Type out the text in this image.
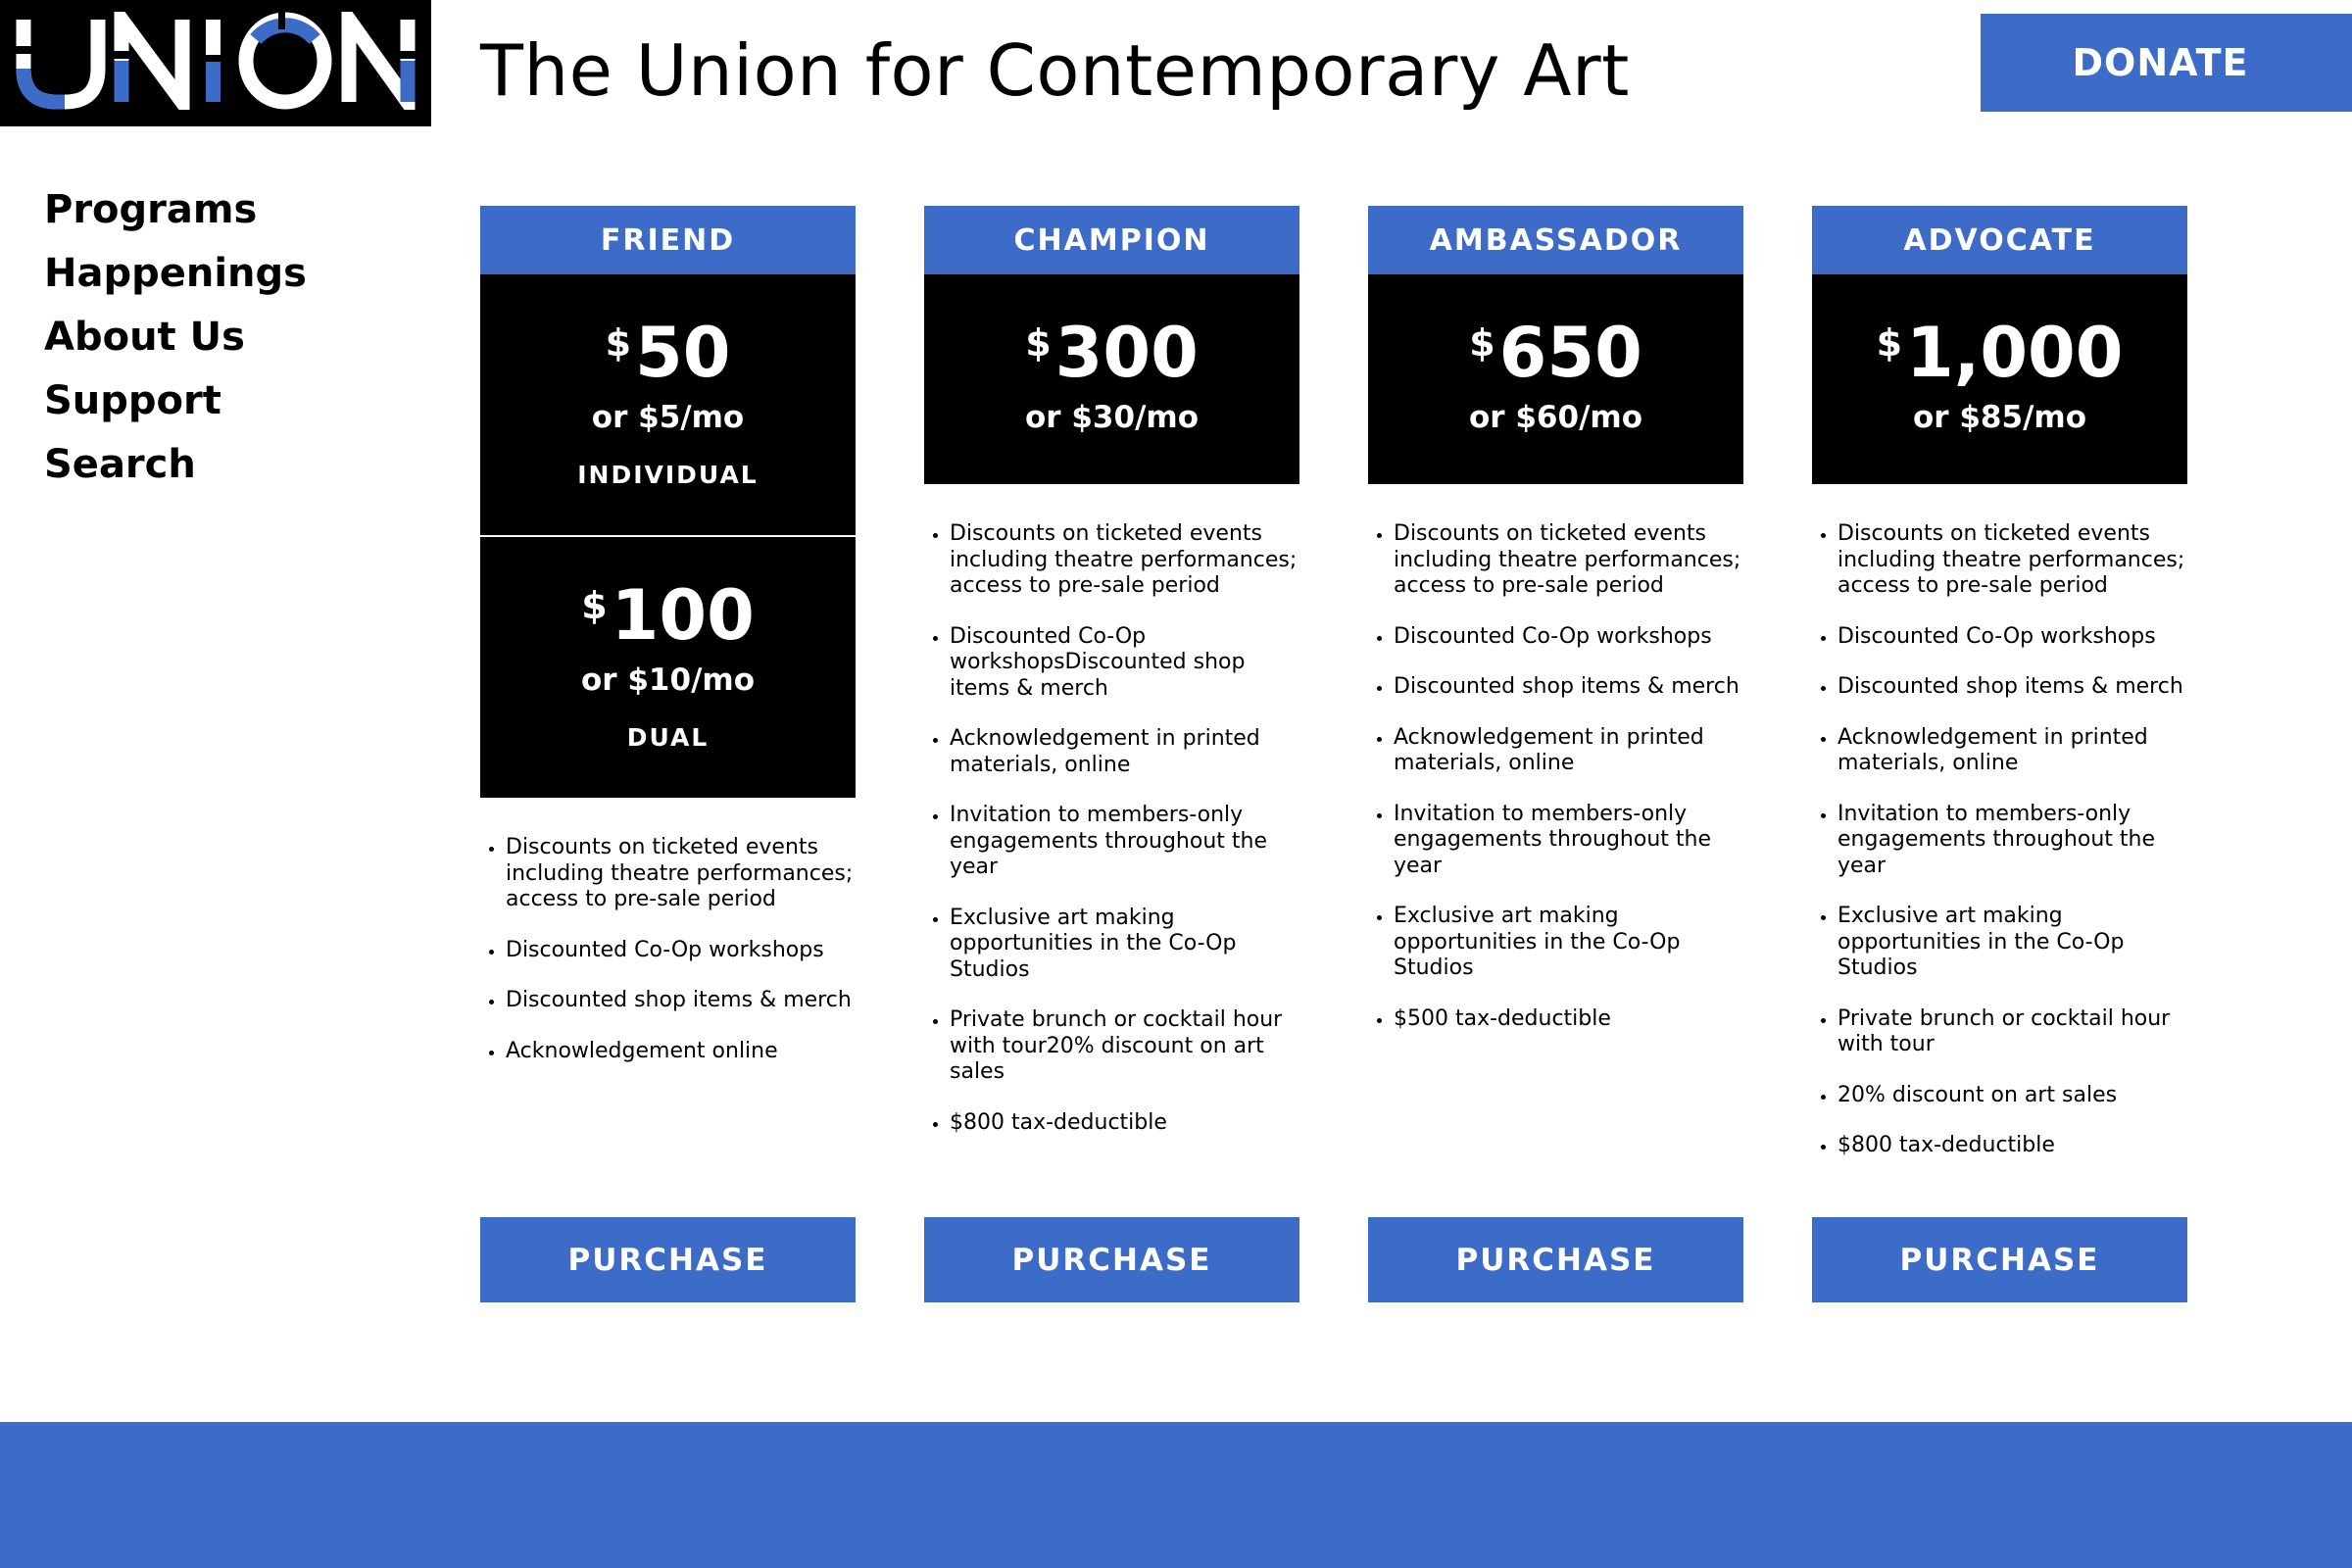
The Union for Contemporary Art	DONATE
Programs
Happenings
About Us
Support
Search
FRIEND
$50
or $5/mo
INDIVIDUAL
$100
or $10/mo
DUAL
• Discounts on ticketed events including theatre performances; access to pre-sale period
• Discounted Co-Op workshops
• Discounted shop items & merch
• Acknowledgement online
PURCHASE
CHAMPION
$300
or $30/mo
• Discounts on ticketed events including theatre performances; access to pre-sale period
• Discounted Co-Op workshopsDiscounted shop items & merch
• Acknowledgement in printed materials, online
• Invitation to members-only engagements throughout the year
• Exclusive art making opportunities in the Co-Op Studios
• Private brunch or cocktail hour with tour20% discount on art sales
• $800 tax-deductible
PURCHASE
AMBASSADOR
$650
or $60/mo
• Discounts on ticketed events including theatre performances; access to pre-sale period
• Discounted Co-Op workshops
• Discounted shop items & merch
• Acknowledgement in printed materials, online
• Invitation to members-only engagements throughout the year
• Exclusive art making opportunities in the Co-Op Studios
• $500 tax-deductible
PURCHASE
ADVOCATE
$1,000
or $85/mo
• Discounts on ticketed events including theatre performances; access to pre-sale period
• Discounted Co-Op workshops
• Discounted shop items & merch
• Acknowledgement in printed materials, online
• Invitation to members-only engagements throughout the year
• Exclusive art making opportunities in the Co-Op Studios
• Private brunch or cocktail hour with tour
• 20% discount on art sales
• $800 tax-deductible
PURCHASE
